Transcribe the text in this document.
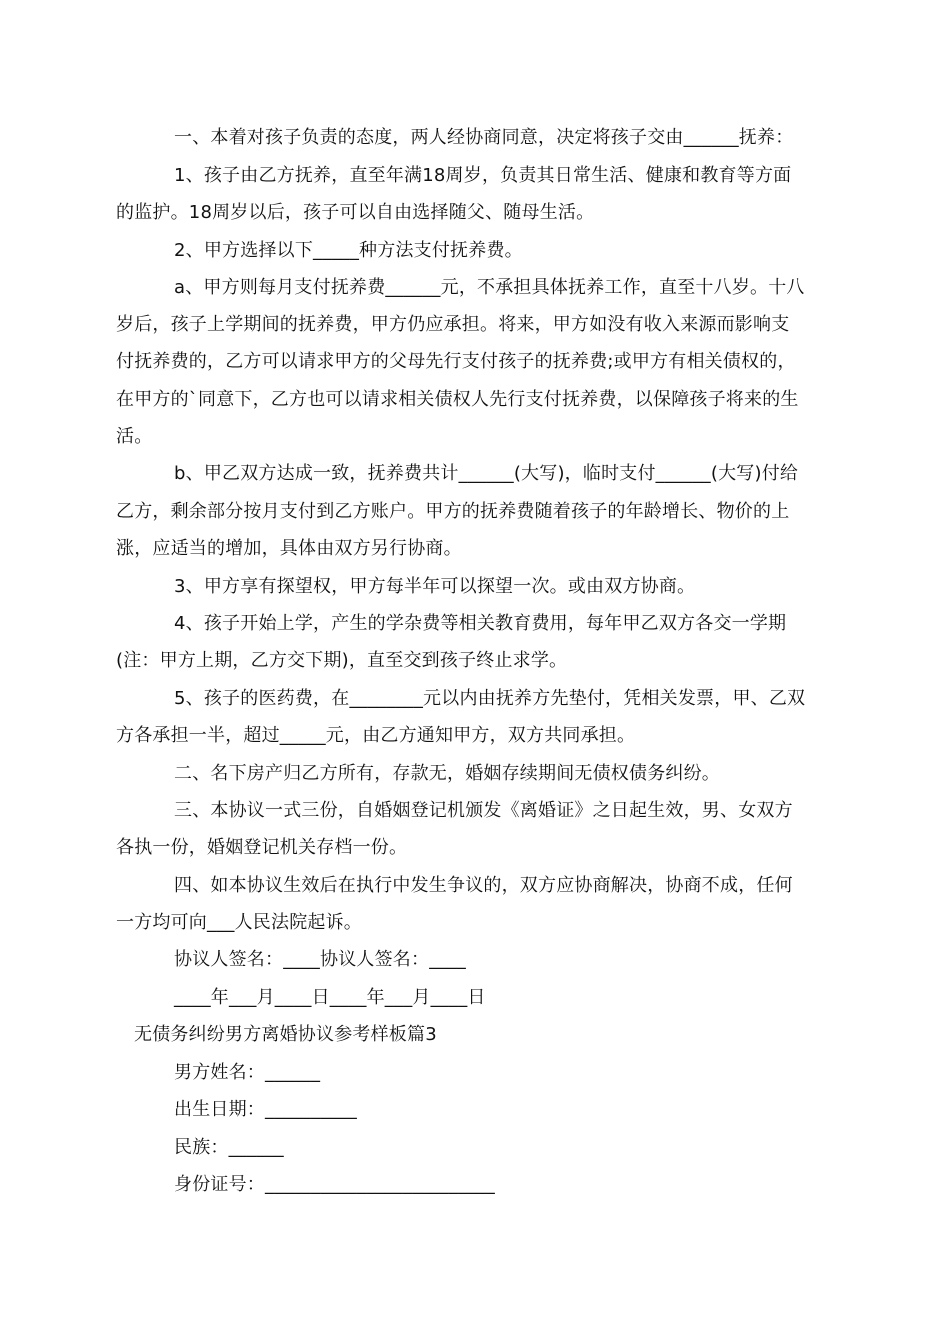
一、本着对孩子负责的态度，两人经协商同意，决定将孩子交由______抚养：
1、孩子由乙方抚养，直至年满18周岁，负责其日常生活、健康和教育等方面
的监护。18周岁以后，孩子可以自由选择随父、随母生活。
2、甲方选择以下_____种方法支付抚养费。
a、甲方则每月支付抚养费______元，不承担具体抚养工作，直至十八岁。十八
岁后，孩子上学期间的抚养费，甲方仍应承担。将来，甲方如没有收入来源而影响支
付抚养费的，乙方可以请求甲方的父母先行支付孩子的抚养费;或甲方有相关债权的，
在甲方的`同意下，乙方也可以请求相关债权人先行支付抚养费，以保障孩子将来的生
活。
b、甲乙双方达成一致，抚养费共计______(大写)，临时支付______(大写)付给
乙方，剩余部分按月支付到乙方账户。甲方的抚养费随着孩子的年龄增长、物价的上
涨，应适当的增加，具体由双方另行协商。
3、甲方享有探望权，甲方每半年可以探望一次。或由双方协商。
4、孩子开始上学，产生的学杂费等相关教育费用，每年甲乙双方各交一学期
(注：甲方上期，乙方交下期)，直至交到孩子终止求学。
5、孩子的医药费，在________元以内由抚养方先垫付，凭相关发票，甲、乙双
方各承担一半，超过_____元，由乙方通知甲方，双方共同承担。
二、名下房产归乙方所有，存款无，婚姻存续期间无债权债务纠纷。
三、本协议一式三份，自婚姻登记机颁发《离婚证》之日起生效，男、女双方
各执一份，婚姻登记机关存档一份。
四、如本协议生效后在执行中发生争议的，双方应协商解决，协商不成，任何
一方均可向___人民法院起诉。
协议人签名：____协议人签名：____
____年___月____日____年___月____日
无债务纠纷男方离婚协议参考样板篇3
男方姓名：______
出生日期：__________
民族：______
身份证号：_________________________
